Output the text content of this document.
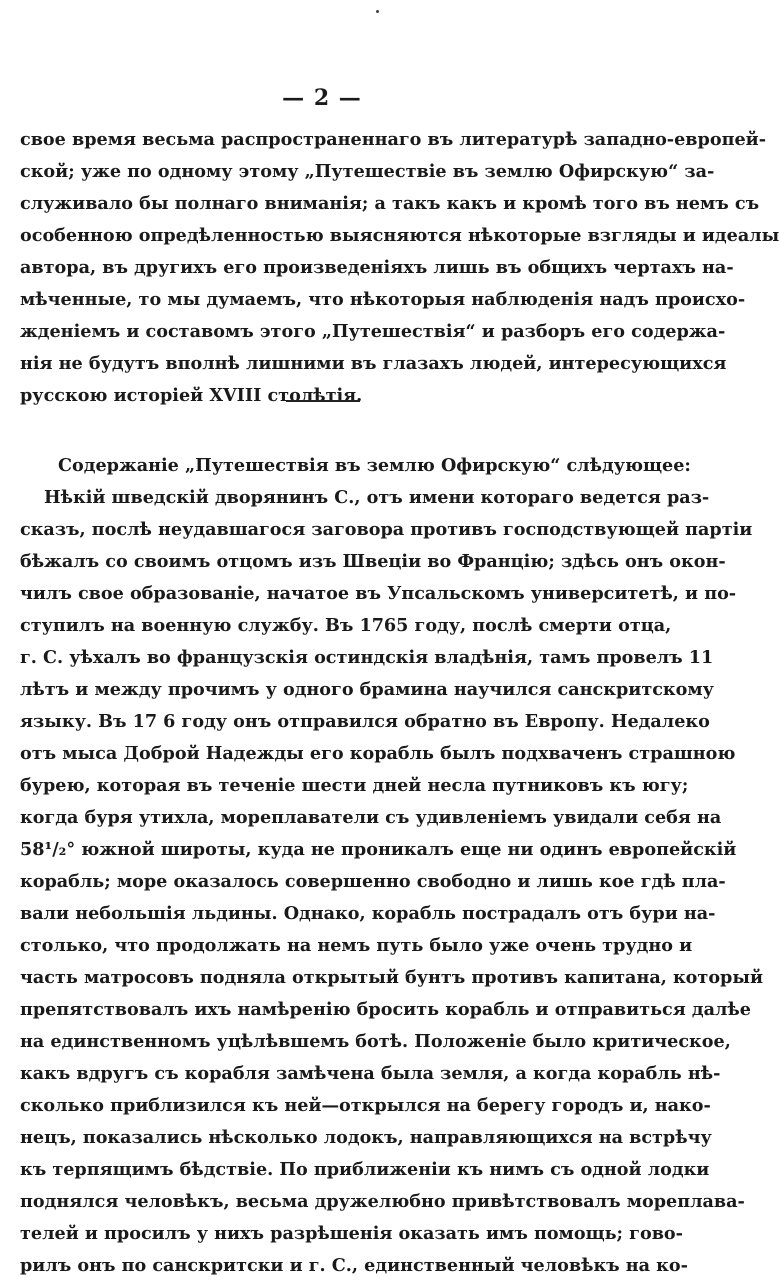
— 2 —
свое время весьма распространеннаго въ литературѣ западно-европей-
ской; уже по одному этому „Путешествіе въ землю Офирскую“ за-
служивало бы полнаго вниманія; а такъ какъ и кромѣ того въ немъ съ
особенною опредѣленностью выясняются нѣкоторые взгляды и идеалы
автора, въ другихъ его произведеніяхъ лишь въ общихъ чертахъ на-
мѣченные, то мы думаемъ, что нѣкоторыя наблюденія надъ происхо-
жденіемъ и составомъ этого „Путешествія“ и разборъ его содержа-
нія не будутъ вполнѣ лишними въ глазахъ людей, интересующихся
русскою исторіей XVIII столѣтія.
Содержаніе „Путешествія въ землю Офирскую“ слѣдующее:
Нѣкій шведскій дворянинъ С., отъ имени котораго ведется раз-
сказъ, послѣ неудавшагося заговора противъ господствующей партіи
бѣжалъ со своимъ отцомъ изъ Швеціи во Францію; здѣсь онъ окон-
чилъ свое образованіе, начатое въ Упсальскомъ университетѣ, и по-
ступилъ на военную службу. Въ 1765 году, послѣ смерти отца,
г. С. уѣхалъ во французскія остиндскія владѣнія, тамъ провелъ 11
лѣтъ и между прочимъ у одного брамина научился санскритскому
языку. Въ 17 6 году онъ отправился обратно въ Европу. Недалеко
отъ мыса Доброй Надежды его корабль былъ подхваченъ страшною
бурею, которая въ теченіе шести дней несла путниковъ къ югу;
когда буря утихла, мореплаватели съ удивленіемъ увидали себя на
58¹/₂° южной широты, куда не проникалъ еще ни одинъ европейскій
корабль; море оказалось совершенно свободно и лишь кое гдѣ пла-
вали небольшія льдины. Однако, корабль пострадалъ отъ бури на-
столько, что продолжать на немъ путь было уже очень трудно и
часть матросовъ подняла открытый бунтъ противъ капитана, который
препятствовалъ ихъ намѣренію бросить корабль и отправиться далѣе
на единственномъ уцѣлѣвшемъ ботѣ. Положеніе было критическое,
какъ вдругъ съ корабля замѣчена была земля, а когда корабль нѣ-
сколько приблизился къ ней—открылся на берегу городъ и, нако-
нецъ, показались нѣсколько лодокъ, направляющихся на встрѣчу
къ терпящимъ бѣдствіе. По приближеніи къ нимъ съ одной лодки
поднялся человѣкъ, весьма дружелюбно привѣтствовалъ мореплава-
телей и просилъ у нихъ разрѣшенія оказать имъ помощь; гово-
рилъ онъ по санскритски и г. С., единственный человѣкъ на ко-
